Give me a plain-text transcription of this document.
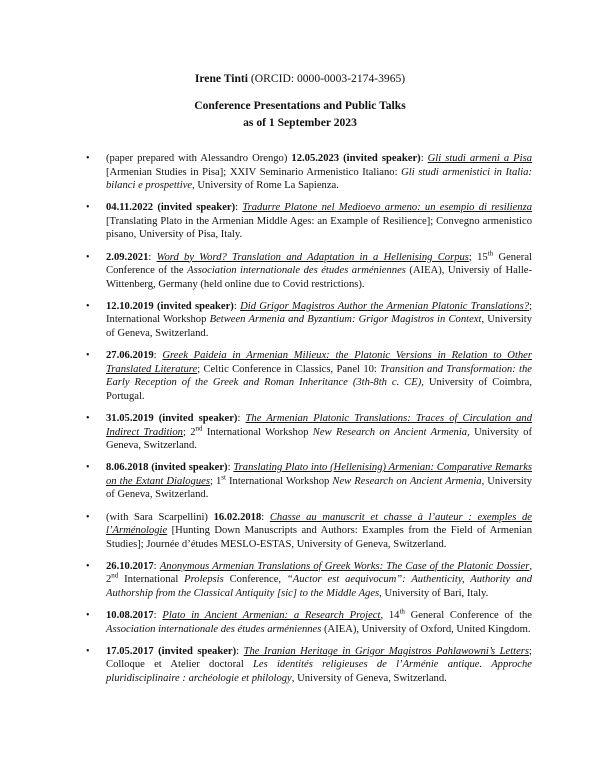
Irene Tinti (ORCID: 0000-0003-2174-3965)
Conference Presentations and Public Talks
as of 1 September 2023
• (paper prepared with Alessandro Orengo) 12.05.2023 (invited speaker): Gli studi armeni a Pisa [Armenian Studies in Pisa]; XXIV Seminario Armenistico Italiano: Gli studi armenistici in Italia: bilanci e prospettive, University of Rome La Sapienza.
• 04.11.2022 (invited speaker): Tradurre Platone nel Medioevo armeno: un esempio di resilienza [Translating Plato in the Armenian Middle Ages: an Example of Resilience]; Convegno armenistico pisano, University of Pisa, Italy.
• 2.09.2021: Word by Word? Translation and Adaptation in a Hellenising Corpus; 15th General Conference of the Association internationale des études arméniennes (AIEA), Universiy of Halle-Wittenberg, Germany (held online due to Covid restrictions).
• 12.10.2019 (invited speaker): Did Grigor Magistros Author the Armenian Platonic Translations?; International Workshop Between Armenia and Byzantium: Grigor Magistros in Context, University of Geneva, Switzerland.
• 27.06.2019: Greek Paideia in Armenian Milieux: the Platonic Versions in Relation to Other Translated Literature; Celtic Conference in Classics, Panel 10: Transition and Transformation: the Early Reception of the Greek and Roman Inheritance (3th-8th c. CE), University of Coimbra, Portugal.
• 31.05.2019 (invited speaker): The Armenian Platonic Translations: Traces of Circulation and Indirect Tradition; 2nd International Workshop New Research on Ancient Armenia, University of Geneva, Switzerland.
• 8.06.2018 (invited speaker): Translating Plato into (Hellenising) Armenian: Comparative Remarks on the Extant Dialogues; 1st International Workshop New Research on Ancient Armenia, University of Geneva, Switzerland.
• (with Sara Scarpellini) 16.02.2018: Chasse au manuscrit et chasse à l’auteur : exemples de l’Arménologie [Hunting Down Manuscripts and Authors: Examples from the Field of Armenian Studies]; Journée d’études MESLO-ESTAS, University of Geneva, Switzerland.
• 26.10.2017: Anonymous Armenian Translations of Greek Works: The Case of the Platonic Dossier, 2nd International Prolepsis Conference, “Auctor est aequivocum”: Authenticity, Authority and Authorship from the Classical Antiquity [sic] to the Middle Ages, University of Bari, Italy.
• 10.08.2017: Plato in Ancient Armenian: a Research Project, 14th General Conference of the Association internationale des études arméniennes (AIEA), University of Oxford, United Kingdom.
• 17.05.2017 (invited speaker): The Iranian Heritage in Grigor Magistros Pahlawowni’s Letters; Colloque et Atelier doctoral Les identités religieuses de l’Arménie antique. Approche pluridisciplinaire : archéologie et philology, University of Geneva, Switzerland.
